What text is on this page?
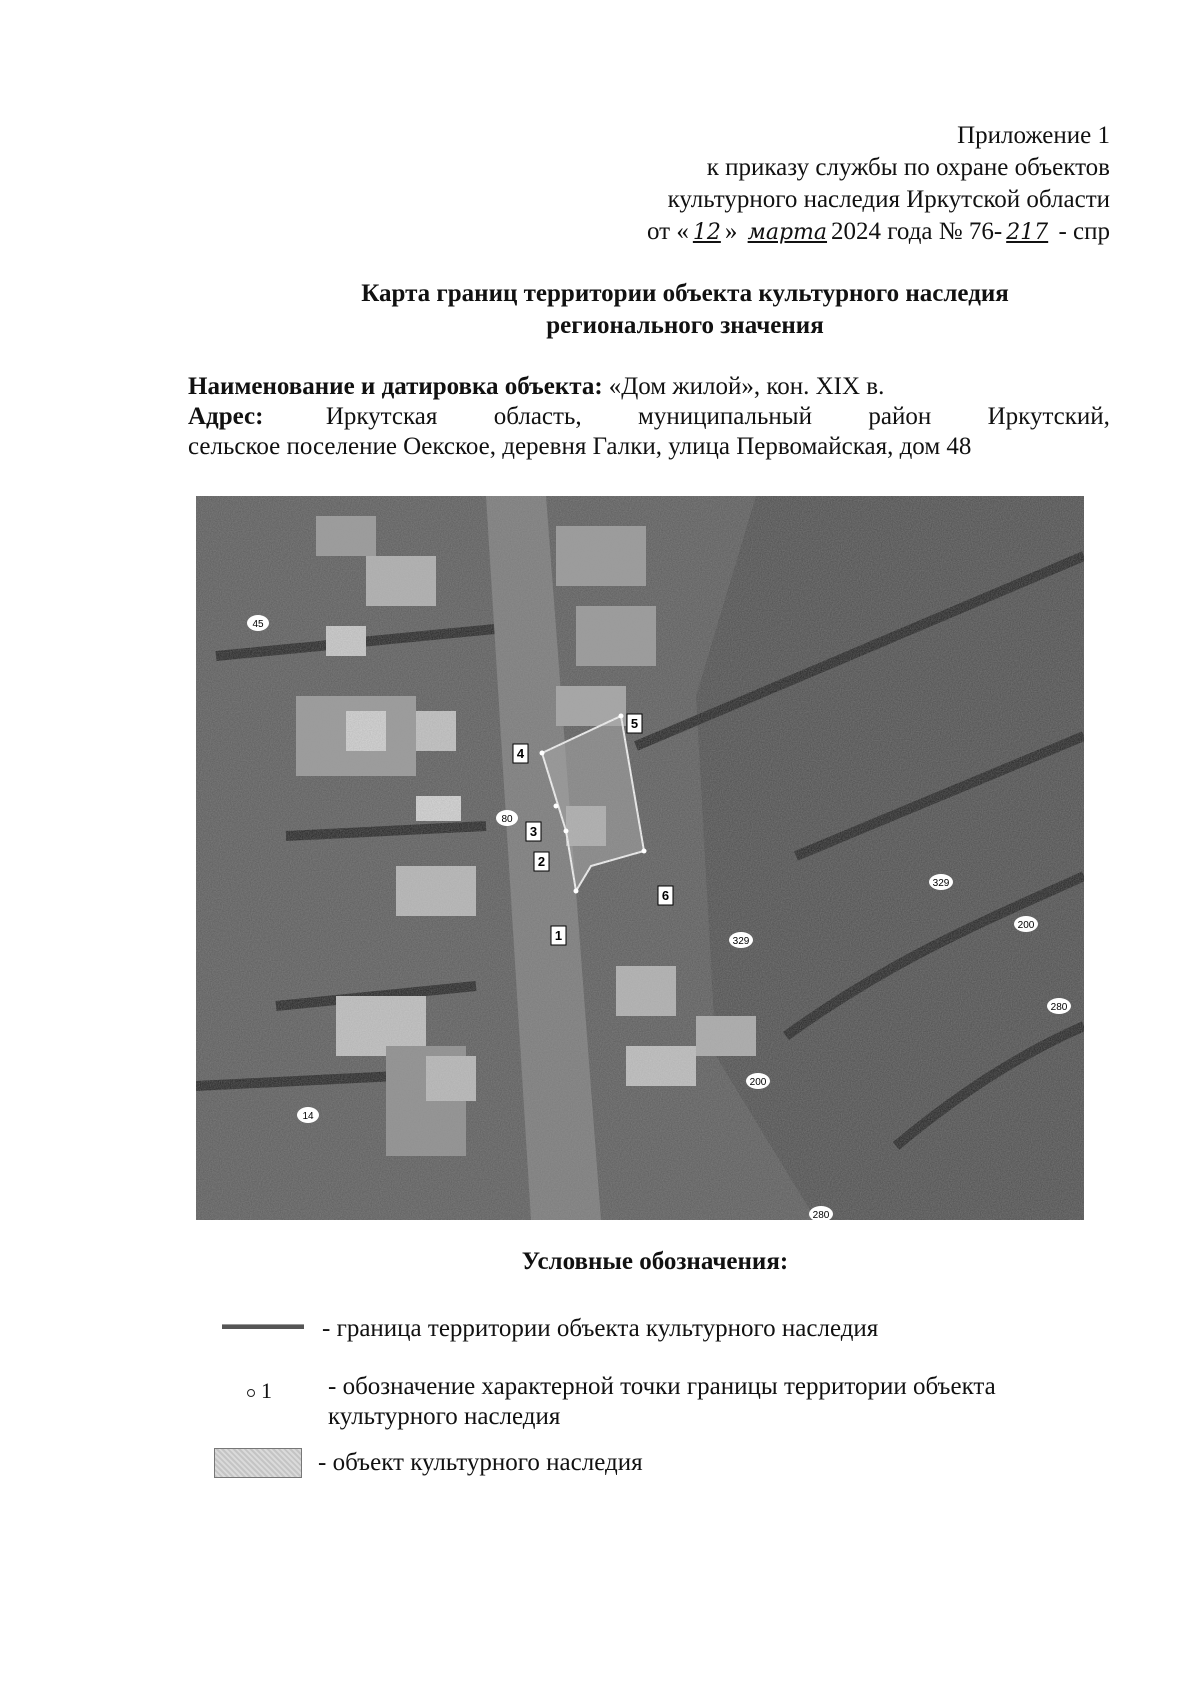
Приложение 1
к приказу службы по охране объектов
культурного наследия Иркутской области
от « 12 » марта 2024 года № 76- 217 - спр
Карта границ территории объекта культурного наследия
регионального значения
Наименование и датировка объекта: «Дом жилой», кон. XIX в.
Адрес: Иркутская область, муниципальный район Иркутский,
сельское поселение Оекское, деревня Галки, улица Первомайская, дом 48
1
2
3
4
5
6
45
80
329
329
200
200
280
14
280
Условные обозначения:
- граница территории объекта культурного наследия
1 - обозначение характерной точки границы территории объекта культурного наследия
- объект культурного наследия
